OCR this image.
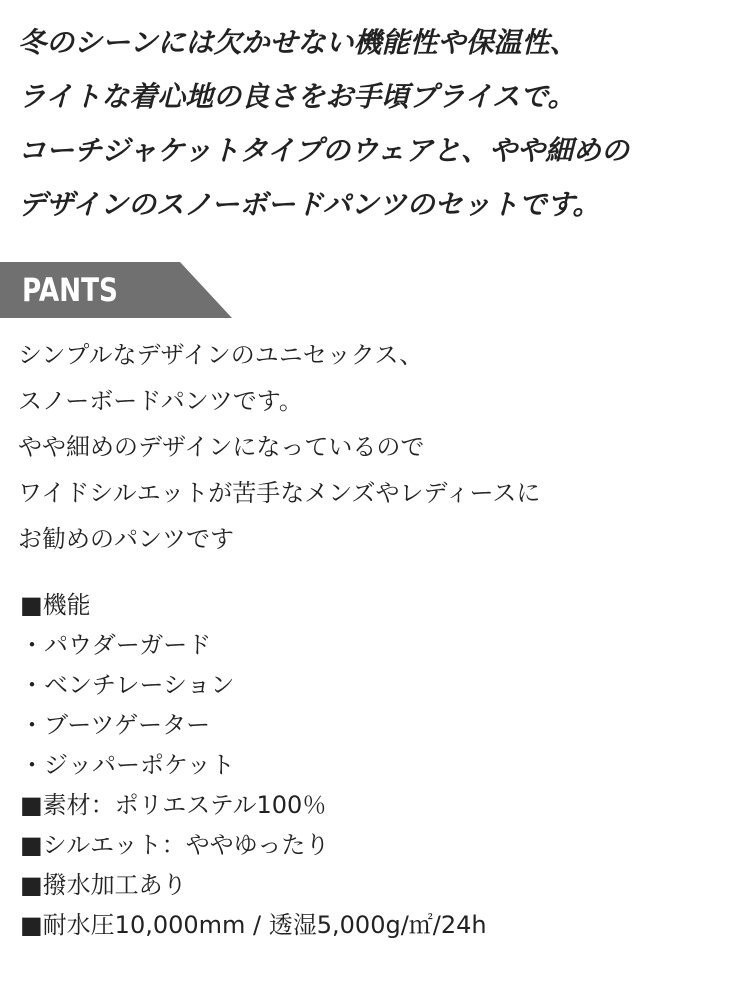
冬のシーンには欠かせない機能性や保温性、
ライトな着心地の良さをお手頃プライスで。
コーチジャケットタイプのウェアと、やや細めの
デザインのスノーボードパンツのセットです。
PANTS
シンプルなデザインのユニセックス、
スノーボードパンツです。
やや細めのデザインになっているので
ワイドシルエットが苦手なメンズやレディースに
お勧めのパンツです
■機能
・パウダーガード
・ベンチレーション
・ブーツゲーター
・ジッパーポケット
■素材：ポリエステル100％
■シルエット：ややゆったり
■撥水加工あり
■耐水圧10,000mm / 透湿5,000g/㎡/24h
